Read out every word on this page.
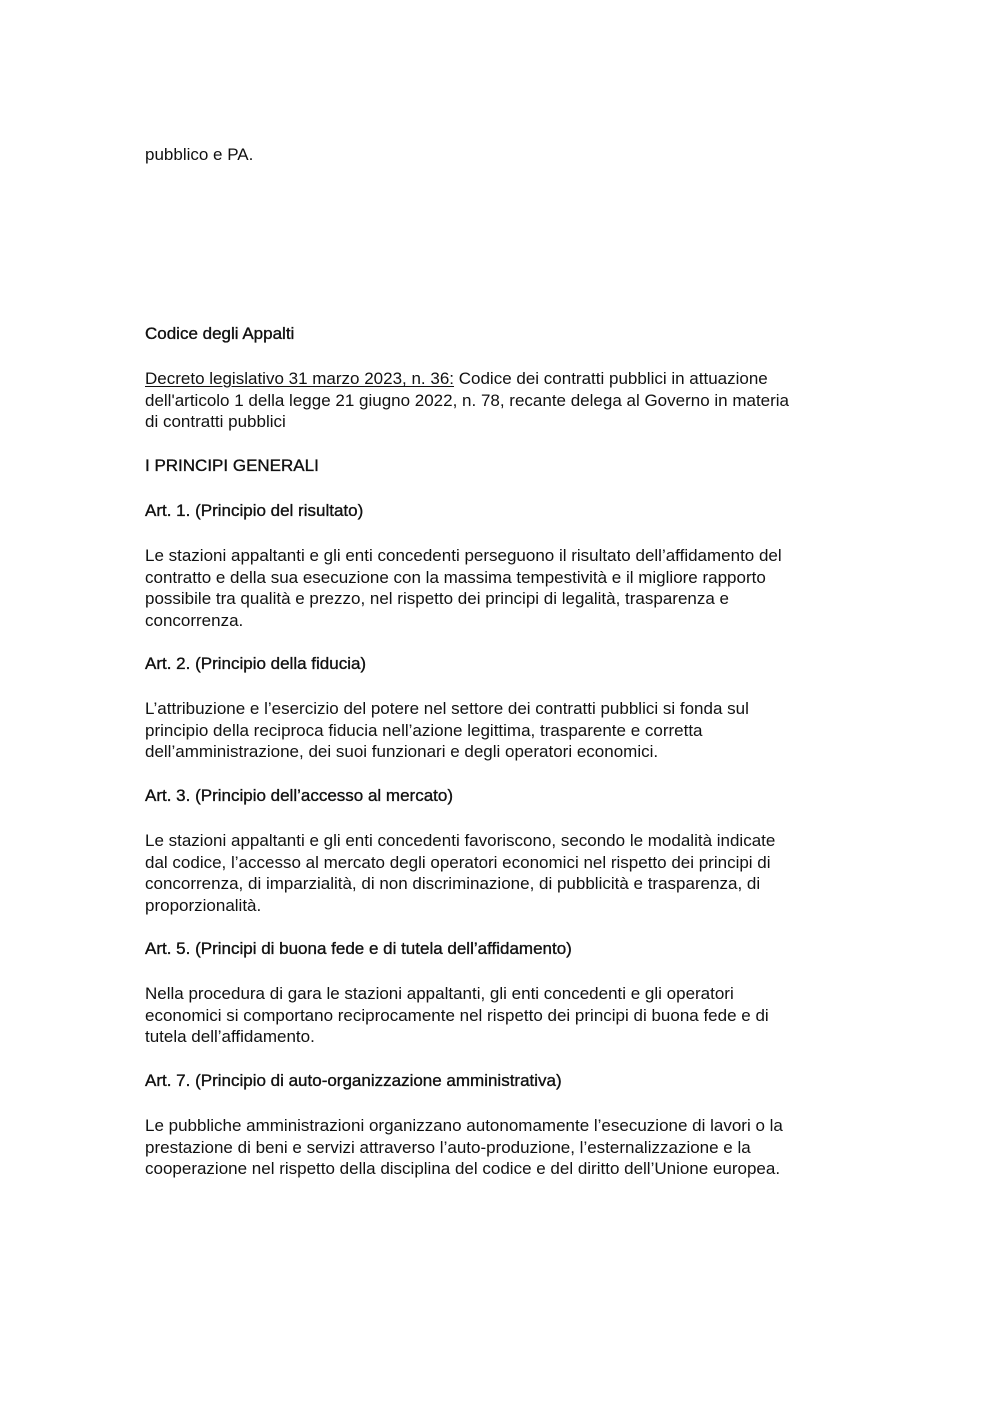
pubblico e PA.

Codice degli Appalti

Decreto legislativo 31 marzo 2023, n. 36: Codice dei contratti pubblici in attuazione dell'articolo 1 della legge 21 giugno 2022, n. 78, recante delega al Governo in materia di contratti pubblici

I PRINCIPI GENERALI

Art. 1. (Principio del risultato)

Le stazioni appaltanti e gli enti concedenti perseguono il risultato dell’affidamento del contratto e della sua esecuzione con la massima tempestività e il migliore rapporto possibile tra qualità e prezzo, nel rispetto dei principi di legalità, trasparenza e concorrenza.

Art. 2. (Principio della fiducia)

L’attribuzione e l’esercizio del potere nel settore dei contratti pubblici si fonda sul principio della reciproca fiducia nell’azione legittima, trasparente e corretta dell’amministrazione, dei suoi funzionari e degli operatori economici.

Art. 3. (Principio dell’accesso al mercato)

Le stazioni appaltanti e gli enti concedenti favoriscono, secondo le modalità indicate dal codice, l’accesso al mercato degli operatori economici nel rispetto dei principi di concorrenza, di imparzialità, di non discriminazione, di pubblicità e trasparenza, di proporzionalità.

Art. 5. (Principi di buona fede e di tutela dell’affidamento)

Nella procedura di gara le stazioni appaltanti, gli enti concedenti e gli operatori economici si comportano reciprocamente nel rispetto dei principi di buona fede e di tutela dell’affidamento.

Art. 7. (Principio di auto-organizzazione amministrativa)

Le pubbliche amministrazioni organizzano autonomamente l’esecuzione di lavori o la prestazione di beni e servizi attraverso l’auto-produzione, l’esternalizzazione e la cooperazione nel rispetto della disciplina del codice e del diritto dell’Unione europea.
